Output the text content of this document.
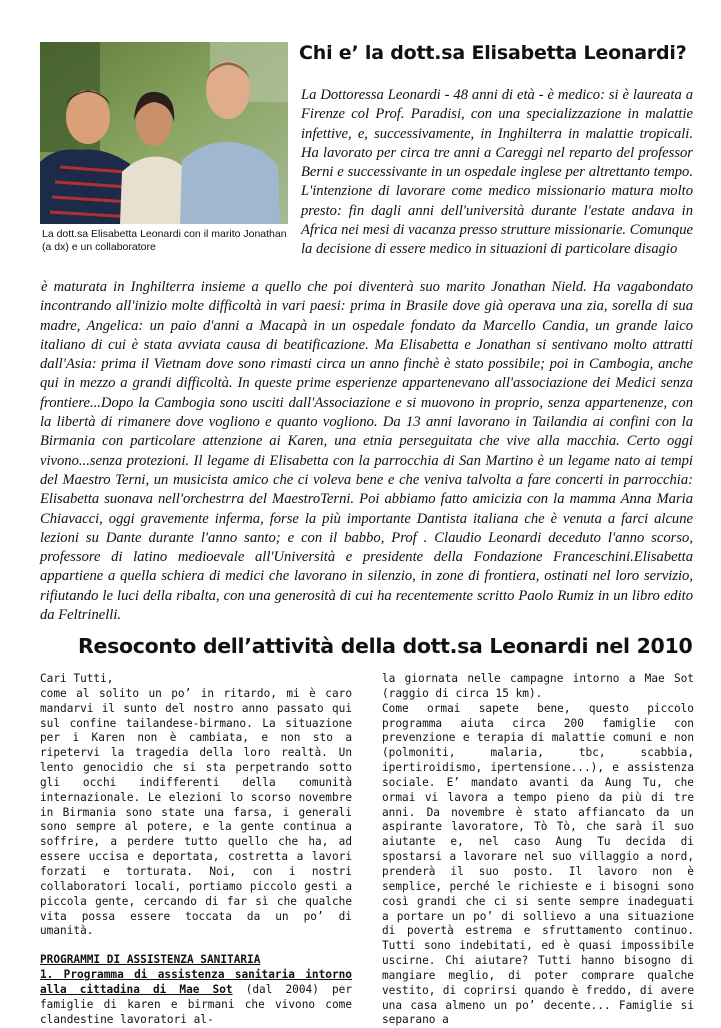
La dott.sa Elisabetta Leonardi con il marito Jonathan (a dx) e un collaboratore
Chi e’ la dott.sa Elisabetta Leonardi?

La Dottoressa Leonardi - 48 anni di età - è medico: si è laureata a Firenze col Prof. Paradisi, con una specializzazione in malattie infettive, e, successivamente, in Inghilterra in malattie tropicali. Ha lavorato per circa tre anni a Careggi nel reparto del professor Berni e successivante in un ospedale inglese per altrettanto tempo. L'intenzione di lavorare come medico missionario matura molto presto: fin dagli anni dell'università durante l'estate andava in Africa nei mesi di vacanza presso strutture missionarie. Comunque la decisione di essere medico in situazioni di particolare disagio

è maturata in Inghilterra insieme a quello che poi diventerà suo marito Jonathan Nield. Ha vagabondato incontrando all'inizio molte difficoltà in vari paesi: prima in Brasile dove già operava una zia, sorella di sua madre, Angelica: un paio d'anni a Macapà in un ospedale fondato da Marcello Candia, un grande laico italiano di cui è stata avviata causa di beatificazione. Ma Elisabetta e Jonathan si sentivano molto attratti dall'Asia: prima il Vietnam dove sono rimasti circa un anno finchè è stato possibile; poi in Cambogia, anche qui in mezzo a grandi difficoltà. In queste prime esperienze appartenevano all'associazione dei Medici senza frontiere...Dopo la Cambogia sono usciti dall'Associazione e si muovono in proprio, senza appartenenze, con la libertà di rimanere dove vogliono e quanto vogliono. Da 13 anni lavorano in Tailandia ai confini con la Birmania con particolare attenzione ai Karen, una etnia perseguitata che vive alla macchia. Certo oggi vivono...senza protezioni. Il legame di Elisabetta con la parrocchia di San Martino è un legame nato ai tempi del Maestro Terni, un musicista amico che ci voleva bene e che veniva talvolta a fare concerti in parrocchia: Elisabetta suonava nell'orchestrra del MaestroTerni. Poi abbiamo fatto amicizia con la mamma Anna Maria Chiavacci, oggi gravemente inferma, forse la più importante Dantista italiana che è venuta a farci alcune lezioni su Dante durante l'anno santo; e con il babbo, Prof . Claudio Leonardi deceduto l'anno scorso, professore di latino medioevale all'Università e presidente della Fondazione Franceschini.Elisabetta appartiene a quella schiera di medici che lavorano in silenzio, in zone di frontiera, ostinati nel loro servizio, rifiutando le luci della ribalta, con una generosità di cui ha recentemente scritto Paolo Rumiz in un libro edito da Feltrinelli.

Resoconto dell’attività della dott.sa Leonardi nel 2010

Cari Tutti,

come al solito un po’ in ritardo, mi è caro mandarvi il sunto del nostro anno passato qui sul confine tailandese-birmano. La situazione per i Karen non è cambiata, e non sto a ripetervi la tragedia della loro realtà. Un lento genocidio che si sta perpetrando sotto gli occhi indifferenti della comunità internazionale. Le elezioni lo scorso novembre in Birmania sono state una farsa, i generali sono sempre al potere, e la gente continua a soffrire, a perdere tutto quello che ha, ad essere uccisa e deportata, costretta a lavori forzati e torturata. Noi, con i nostri collaboratori locali, portiamo piccolo gesti a piccola gente, cercando di far sì che qualche vita possa essere toccata da un po’ di umanità.

PROGRAMMI DI ASSISTENZA SANITARIA

1. Programma di assistenza sanitaria intorno alla cittadina di Mae Sot (dal 2004) per famiglie di karen e birmani che vivono come clandestine lavoratori al-

la giornata nelle campagne intorno a Mae Sot (raggio di circa 15 km).

Come ormai sapete bene, questo piccolo programma aiuta circa 200 famiglie con prevenzione e terapia di malattie comuni e non (polmoniti, malaria, tbc, scabbia, ipertiroidismo, ipertensione...), e assistenza sociale. E’ mandato avanti da Aung Tu, che ormai vi lavora a tempo pieno da più di tre anni. Da novembre è stato affiancato da un aspirante lavoratore, Tò Tò, che sarà il suo aiutante e, nel caso Aung Tu decida di spostarsi a lavorare nel suo villaggio a nord, prenderà il suo posto. Il lavoro non è semplice, perché le richieste e i bisogni sono così grandi che ci si sente sempre inadeguati a portare un po’ di sollievo a una situazione di povertà estrema e sfruttamento continuo. Tutti sono indebitati, ed è quasi impossibile uscirne. Chi aiutare? Tutti hanno bisogno di mangiare meglio, di poter comprare qualche vestito, di coprirsi quando è freddo, di avere una casa almeno un po’ decente... Famiglie si separano a
